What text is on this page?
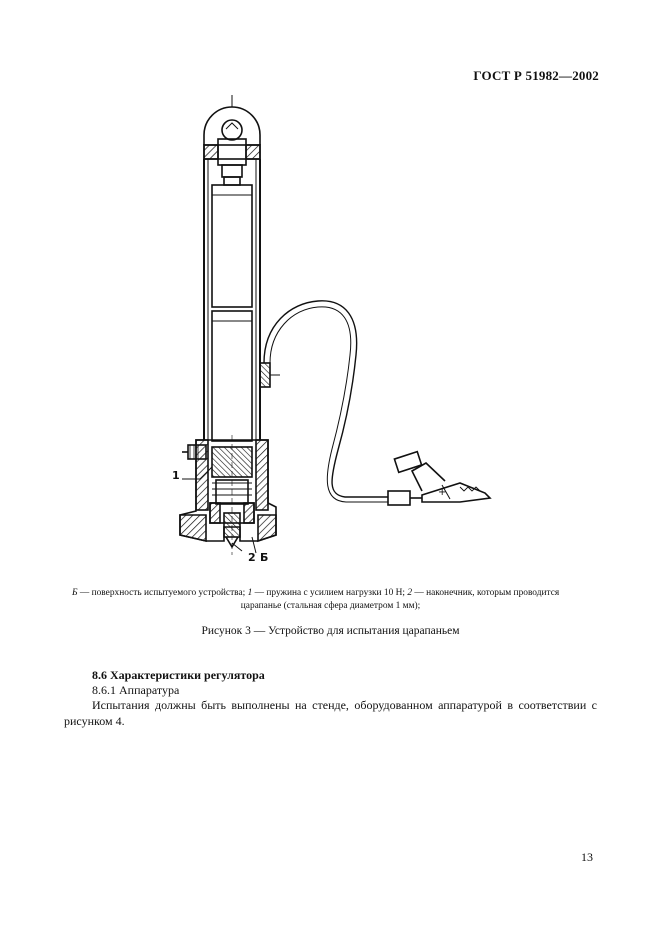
ГОСТ Р 51982—2002
+
1
2 Б
Б — поверхность испытуемого устройства; 1 — пружина с усилием нагрузки 10 Н; 2 — наконечник, которым проводится
царапанье (стальная сфера диаметром 1 мм);
Рисунок 3 — Устройство для испытания царапаньем
8.6 Характеристики регулятора
8.6.1 Аппаратура
Испытания должны быть выполнены на стенде, оборудованном аппаратурой в соответствии с рисунком 4.
13
